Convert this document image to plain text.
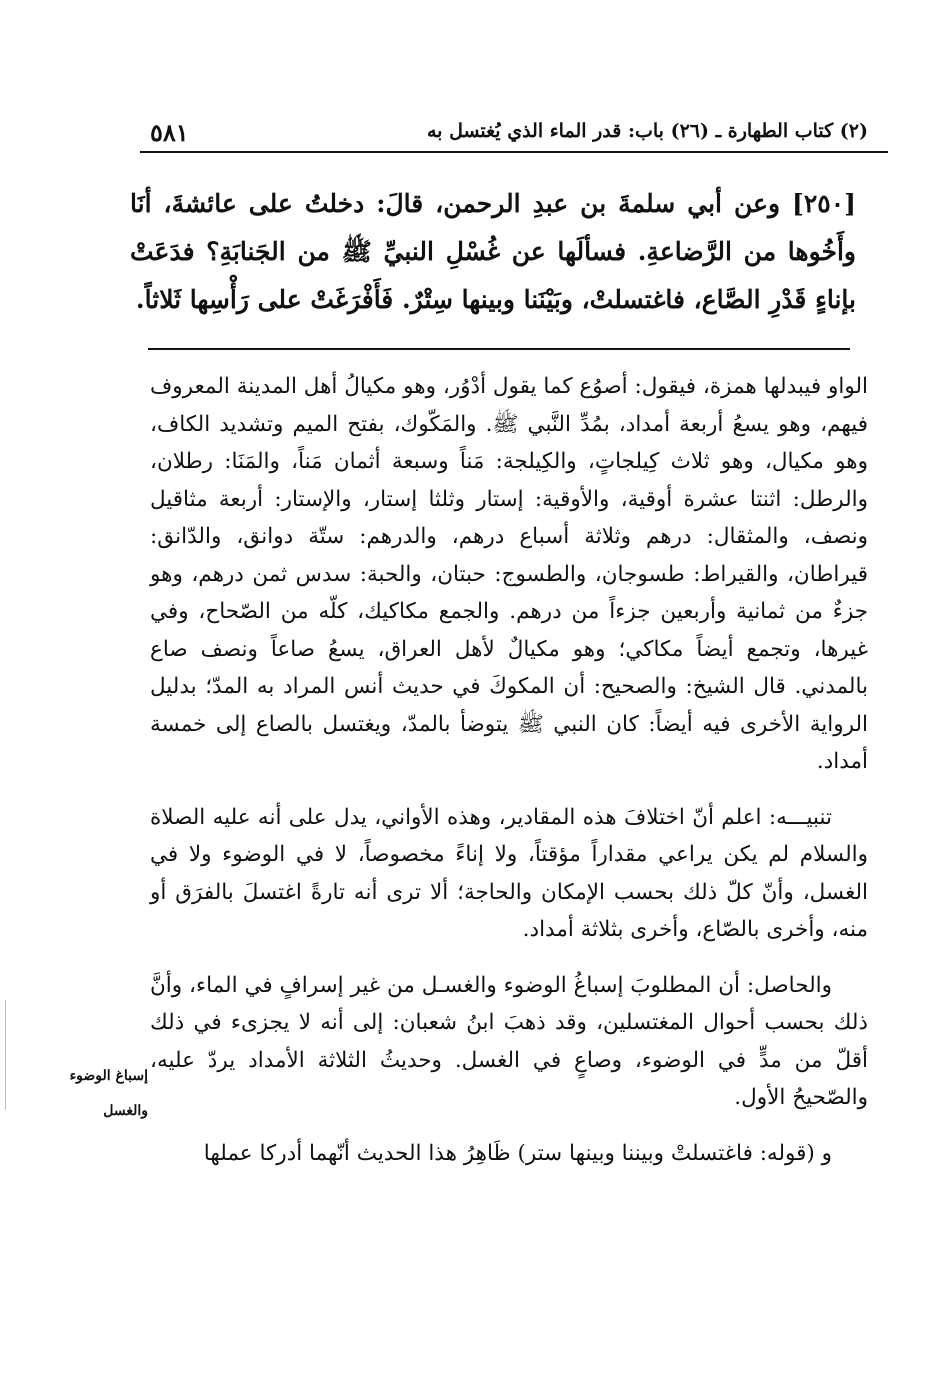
(٢) كتاب الطهارة ـ (٢٦) باب: قدر الماء الذي يُغتسل به
٥٨١
[٢٥٠] وعن أبي سلمةَ بن عبدِ الرحمن، قالَ: دخلتُ على عائشةَ، أنَا وأَخُوها من الرَّضاعةِ. فسألَها عن غُسْلِ النبيِّ ﷺ من الجَنابَةِ؟ فدَعَتْ بإناءٍ قَدْرِ الصَّاع، فاغتسلتْ، وبَيْنَنا وبينها سِتْرٌ. فَأَفْرَغَتْ على رَأْسِها ثَلاثاً.

الواو فيبدلها همزة، فيقول: أصوُع كما يقول أدْوُر، وهو مكيالُ أهل المدينة المعروف فيهم، وهو يسعُ أربعة أمداد، بمُدِّ النَّبي ﷺ. والمَكّوك، بفتح الميم وتشديد الكاف، وهو مكيال، وهو ثلاث كِيلجاتٍ، والكِيلجة: مَناً وسبعة أثمان مَناً، والمَنَا: رطلان، والرطل: اثنتا عشرة أوقية، والأوقية: إستار وثلثا إستار، والإستار: أربعة مثاقيل ونصف، والمثقال: درهم وثلاثة أسباع درهم، والدرهم: ستّة دوانق، والدّانق: قيراطان، والقيراط: طسوجان، والطسوج: حبتان، والحبة: سدس ثمن درهم، وهو جزءٌ من ثمانية وأربعين جزءاً من درهم. والجمع مكاكيك، كلّه من الصّحاح، وفي غيرها، وتجمع أيضاً مكاكي؛ وهو مكيالٌ لأهل العراق، يسعُ صاعاً ونصف صاع بالمدني. قال الشيخ: والصحيح: أن المكوكَ في حديث أنس المراد به المدّ؛ بدليل الرواية الأخرى فيه أيضاً: كان النبي ﷺ يتوضأ بالمدّ، ويغتسل بالصاع إلى خمسة أمداد.

تنبيـــه: اعلم أنّ اختلافَ هذه المقادير، وهذه الأواني، يدل على أنه عليه الصلاة والسلام لم يكن يراعي مقداراً مؤقتاً، ولا إناءً مخصوصاً، لا في الوضوء ولا في الغسل، وأنّ كلّ ذلك بحسب الإمكان والحاجة؛ ألا ترى أنه تارةً اغتسلَ بالفرَق أو منه، وأخرى بالصّاع، وأخرى بثلاثة أمداد.

والحاصل: أن المطلوبَ إسباغُ الوضوء والغسـل من غير إسرافٍ في الماء، وأنَّ ذلك بحسب أحوال المغتسلين، وقد ذهبَ ابنُ شعبان: إلى أنه لا يجزىء في ذلك أقلّ من مدٍّ في الوضوء، وصاعٍ في الغسل. وحديثُ الثلاثة الأمداد يردّ عليه، والصّحيحُ الأول.

و (قوله: فاغتسلتْ وبيننا وبينها ستر) ظَاهِرُ هذا الحديث أنّهما أدركا عملها

إسباغ الوضوء
والغسل
